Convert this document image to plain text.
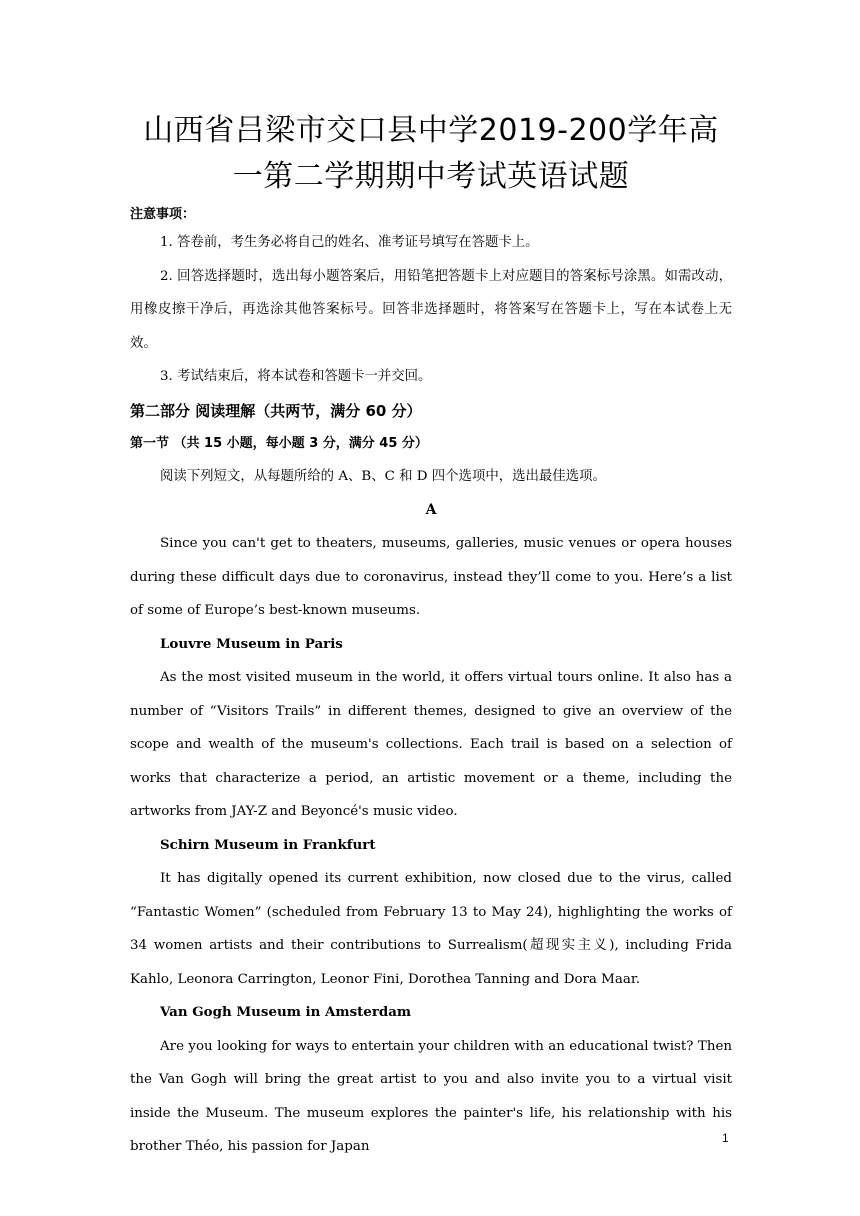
山西省吕梁市交口县中学2019-200学年高
一第二学期期中考试英语试题
注意事项：

1. 答卷前，考生务必将自己的姓名、准考证号填写在答题卡上。

2. 回答选择题时，选出每小题答案后，用铅笔把答题卡上对应题目的答案标号涂黑。如需改动，用橡皮擦干净后，再选涂其他答案标号。回答非选择题时，将答案写在答题卡上，写在本试卷上无效。

3. 考试结束后，将本试卷和答题卡一并交回。

第二部分 阅读理解（共两节，满分 60 分）
第一节 （共 15 小题，每小题 3 分，满分 45 分）

阅读下列短文，从每题所给的 A、B、C 和 D 四个选项中，选出最佳选项。

A

Since you can't get to theaters, museums, galleries, music venues or opera houses during these difficult days due to coronavirus, instead they’ll come to you. Here’s a list of some of Europe’s best-known museums.

Louvre Museum in Paris

As the most visited museum in the world, it offers virtual tours online. It also has a number of “Visitors Trails” in different themes, designed to give an overview of the scope and wealth of the museum's collections. Each trail is based on a selection of works that characterize a period, an artistic movement or a theme, including the artworks from JAY-Z and Beyoncé's music video.

Schirn Museum in Frankfurt

It has digitally opened its current exhibition, now closed due to the virus, called “Fantastic Women” (scheduled from February 13 to May 24), highlighting the works of 34 women artists and their contributions to Surrealism(超现实主义), including Frida Kahlo, Leonora Carrington, Leonor Fini, Dorothea Tanning and Dora Maar.

Van Gogh Museum in Amsterdam

Are you looking for ways to entertain your children with an educational twist? Then the Van Gogh will bring the great artist to you and also invite you to a virtual visit inside the Museum. The museum explores the painter's life, his relationship with his brother Théo, his passion for Japan

1
